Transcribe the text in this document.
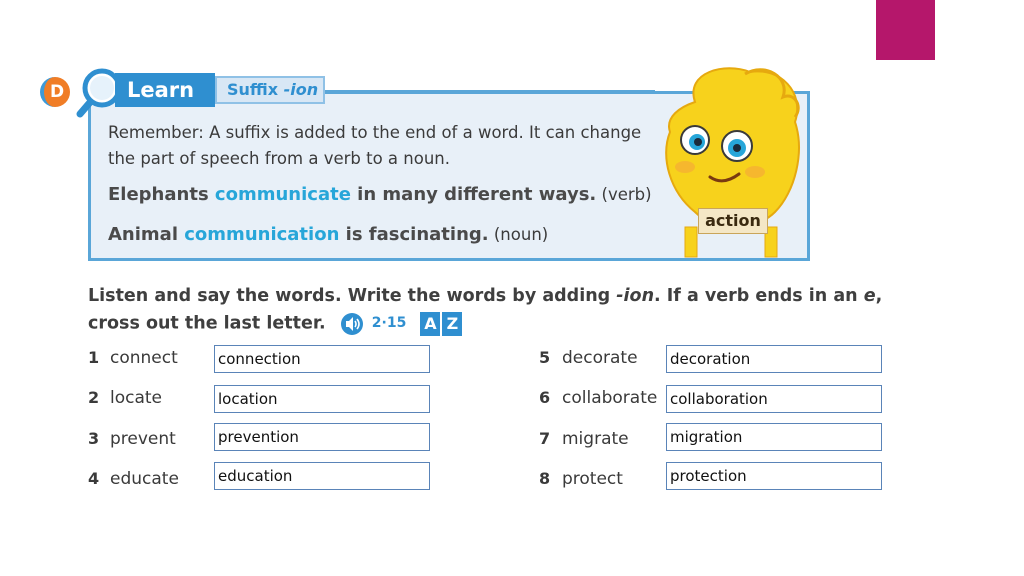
D	Learn	Suffix -ion
Remember: A suffix is added to the end of a word. It can change the part of speech from a verb to a noun.
Elephants communicate in many different ways. (verb)
Animal communication is fascinating. (noun)
action
Listen and say the words. Write the words by adding -ion. If a verb ends in an e, cross out the last letter.	2·15 A Z
1 connect
connection
2 locate
location
3 prevent
prevention
4 educate
education
5 decorate
decoration
6 collaborate
collaboration
7 migrate
migration
8 protect
protection
